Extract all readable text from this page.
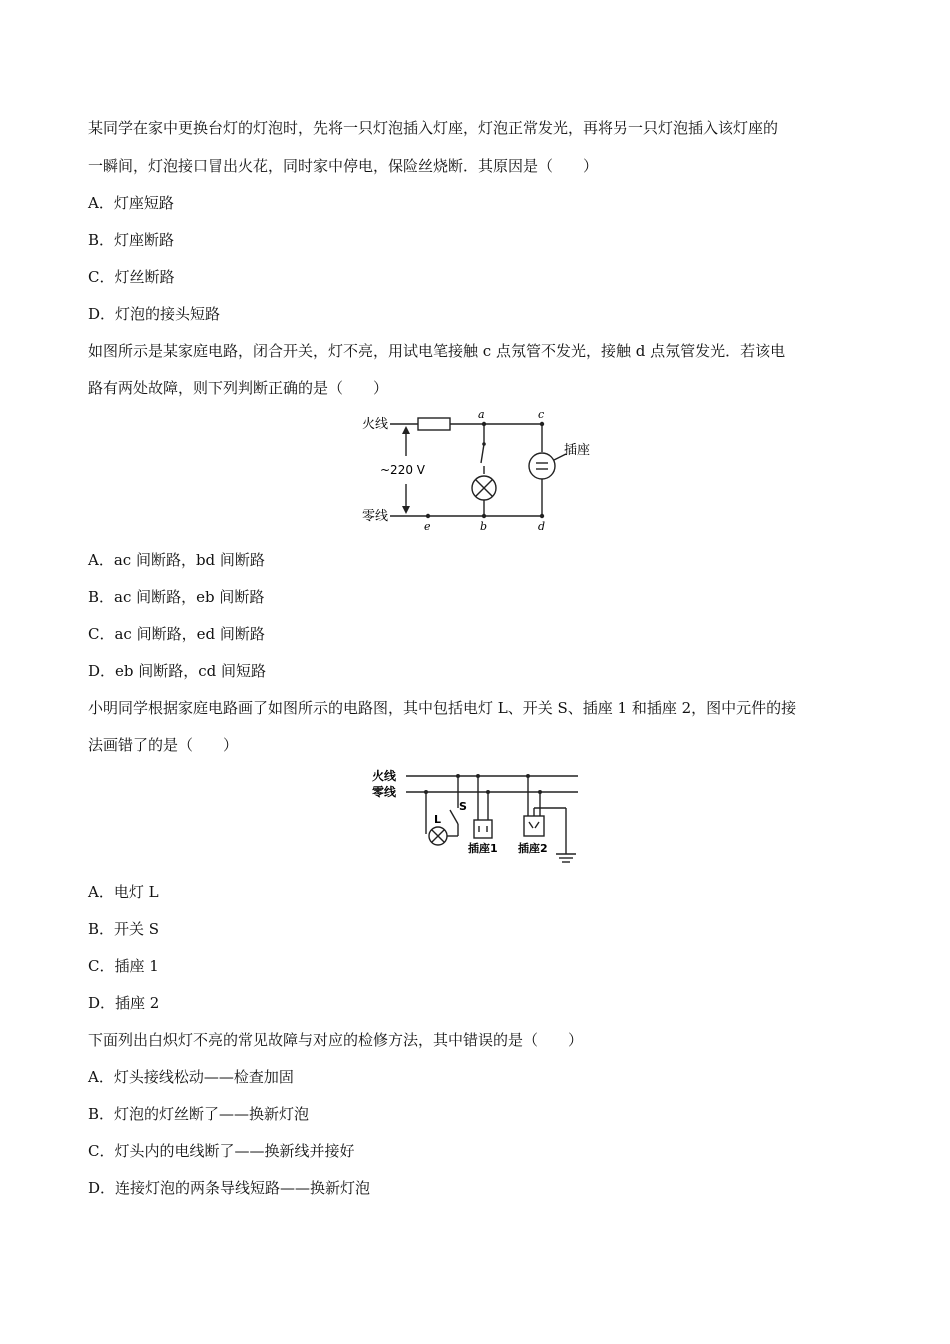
某同学在家中更换台灯的灯泡时，先将一只灯泡插入灯座，灯泡正常发光，再将另一只灯泡插入该灯座的
一瞬间，灯泡接口冒出火花，同时家中停电，保险丝烧断．其原因是（　　）
A．灯座短路
B．灯座断路
C．灯丝断路
D．灯泡的接头短路
如图所示是某家庭电路，闭合开关，灯不亮，用试电笔接触 c 点氖管不发光，接触 d 点氖管发光．若该电
路有两处故障，则下列判断正确的是（　　）
火线
零线
~220 V
插座
a	c
e	b	d
A．ac 间断路，bd 间断路
B．ac 间断路，eb 间断路
C．ac 间断路，ed 间断路
D．eb 间断路，cd 间短路
小明同学根据家庭电路画了如图所示的电路图，其中包括电灯 L、开关 S、插座 1 和插座 2，图中元件的接
法画错了的是（　　）
火线
零线
L
S
插座1 插座2
A．电灯 L
B．开关 S
C．插座 1
D．插座 2
下面列出白炽灯不亮的常见故障与对应的检修方法，其中错误的是（　　）
A．灯头接线松动——检查加固
B．灯泡的灯丝断了——换新灯泡
C．灯头内的电线断了——换新线并接好
D．连接灯泡的两条导线短路——换新灯泡
